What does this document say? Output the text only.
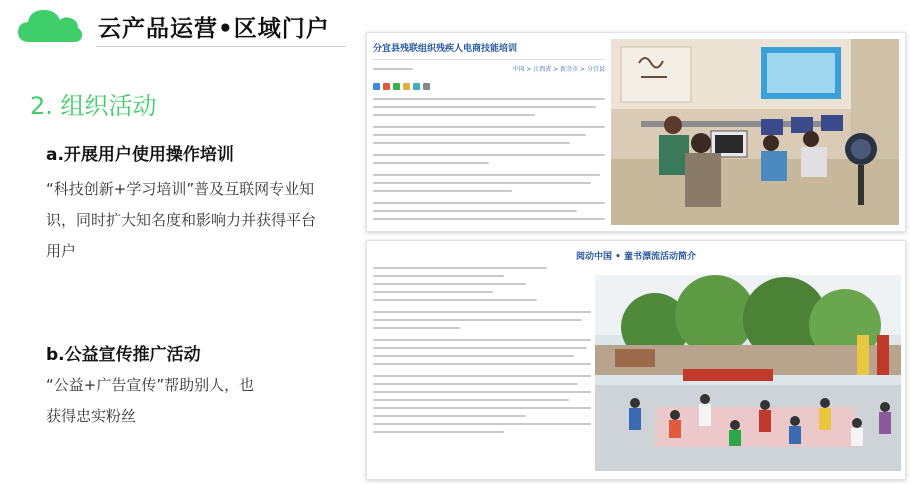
云产品运营•区域门户
2. 组织活动
a.开展用户使用操作培训
“科技创新+学习培训”普及互联网专业知
识，同时扩大知名度和影响力并获得平台
用户
b.公益宣传推广活动
“公益+广告宣传”帮助别人，也
获得忠实粉丝
分宜县残联组织残疾人电商技能培训
中国 > 江西省 > 新余市 > 分宜县
阅动中国 • 童书漂流活动简介
